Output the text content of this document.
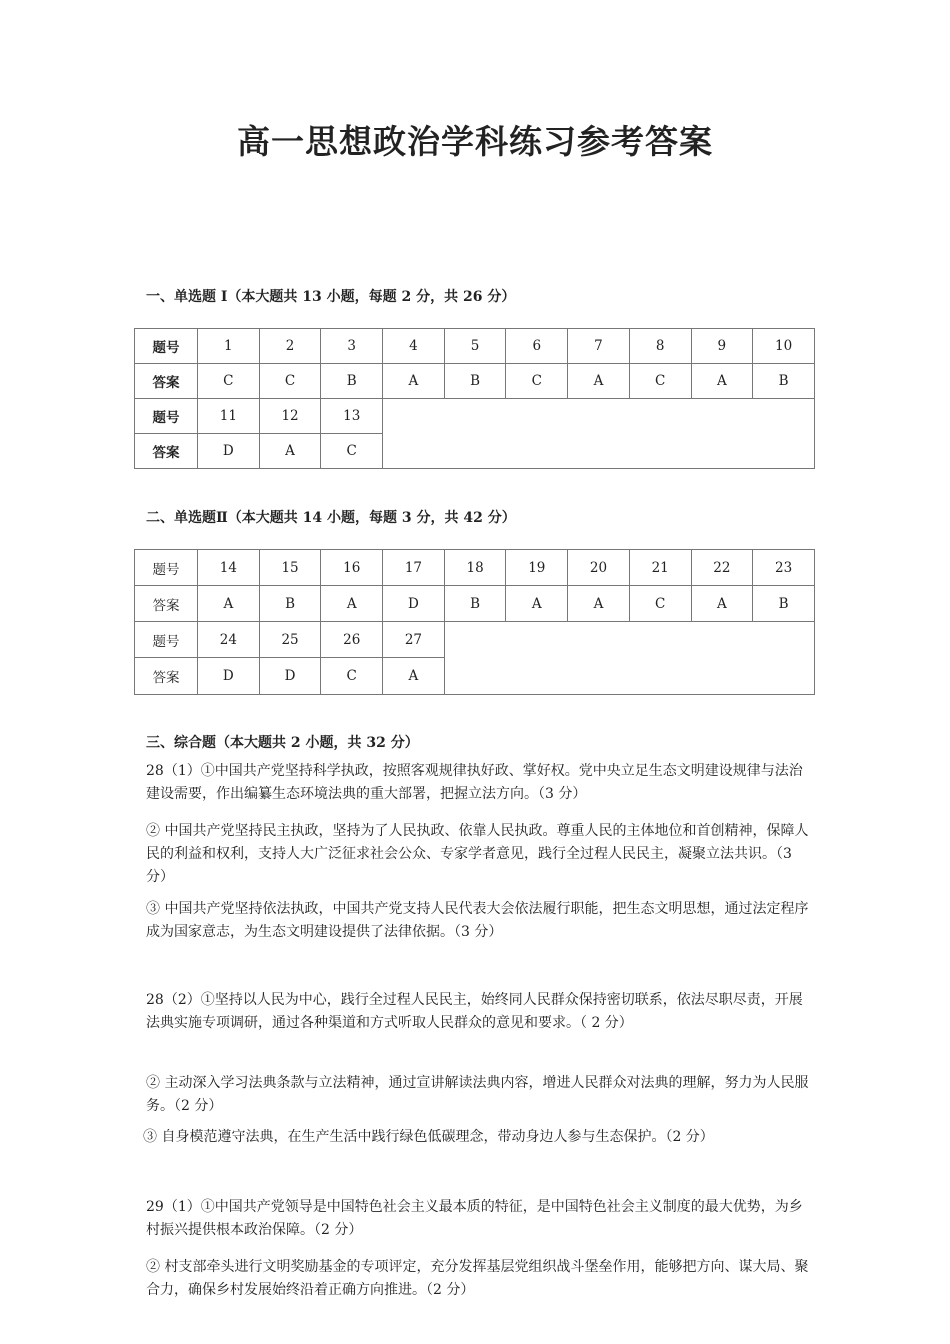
高一思想政治学科练习参考答案

一、单选题 Ⅰ（本大题共 13 小题，每题 2 分，共 26 分）

题号	1	2	3	4	5	6	7	8	9	10
答案	C	C	B	A	B	C	A	C	A	B
题号	11	12	13							
答案	D	A	C							

二、单选题Ⅱ（本大题共 14 小题，每题 3 分，共 42 分）

题号	14	15	16	17	18	19	20	21	22	23
答案	A	B	A	D	B	A	A	C	A	B
题号	24	25	26	27						
答案	D	D	C	A						

三、综合题（本大题共 2 小题，共 32 分）

28（1）①中国共产党坚持科学执政，按照客观规律执好政、掌好权。党中央立足生态文明建设规律与法治建设需要，作出编纂生态环境法典的重大部署，把握立法方向。（3 分）

② 中国共产党坚持民主执政，坚持为了人民执政、依靠人民执政。尊重人民的主体地位和首创精神，保障人民的利益和权利，支持人大广泛征求社会公众、专家学者意见，践行全过程人民民主，凝聚立法共识。（3 分）

③ 中国共产党坚持依法执政，中国共产党支持人民代表大会依法履行职能，把生态文明思想，通过法定程序成为国家意志，为生态文明建设提供了法律依据。（3 分）

28（2）①坚持以人民为中心，践行全过程人民民主，始终同人民群众保持密切联系，依法尽职尽责，开展法典实施专项调研，通过各种渠道和方式听取人民群众的意见和要求。（ 2 分）

② 主动深入学习法典条款与立法精神，通过宣讲解读法典内容，增进人民群众对法典的理解，努力为人民服务。（2 分）

③ 自身模范遵守法典，在生产生活中践行绿色低碳理念，带动身边人参与生态保护。（2 分）

29（1）①中国共产党领导是中国特色社会主义最本质的特征，是中国特色社会主义制度的最大优势，为乡村振兴提供根本政治保障。（2 分）

② 村支部牵头进行文明奖励基金的专项评定，充分发挥基层党组织战斗堡垒作用，能够把方向、谋大局、聚合力，确保乡村发展始终沿着正确方向推进。（2 分）
